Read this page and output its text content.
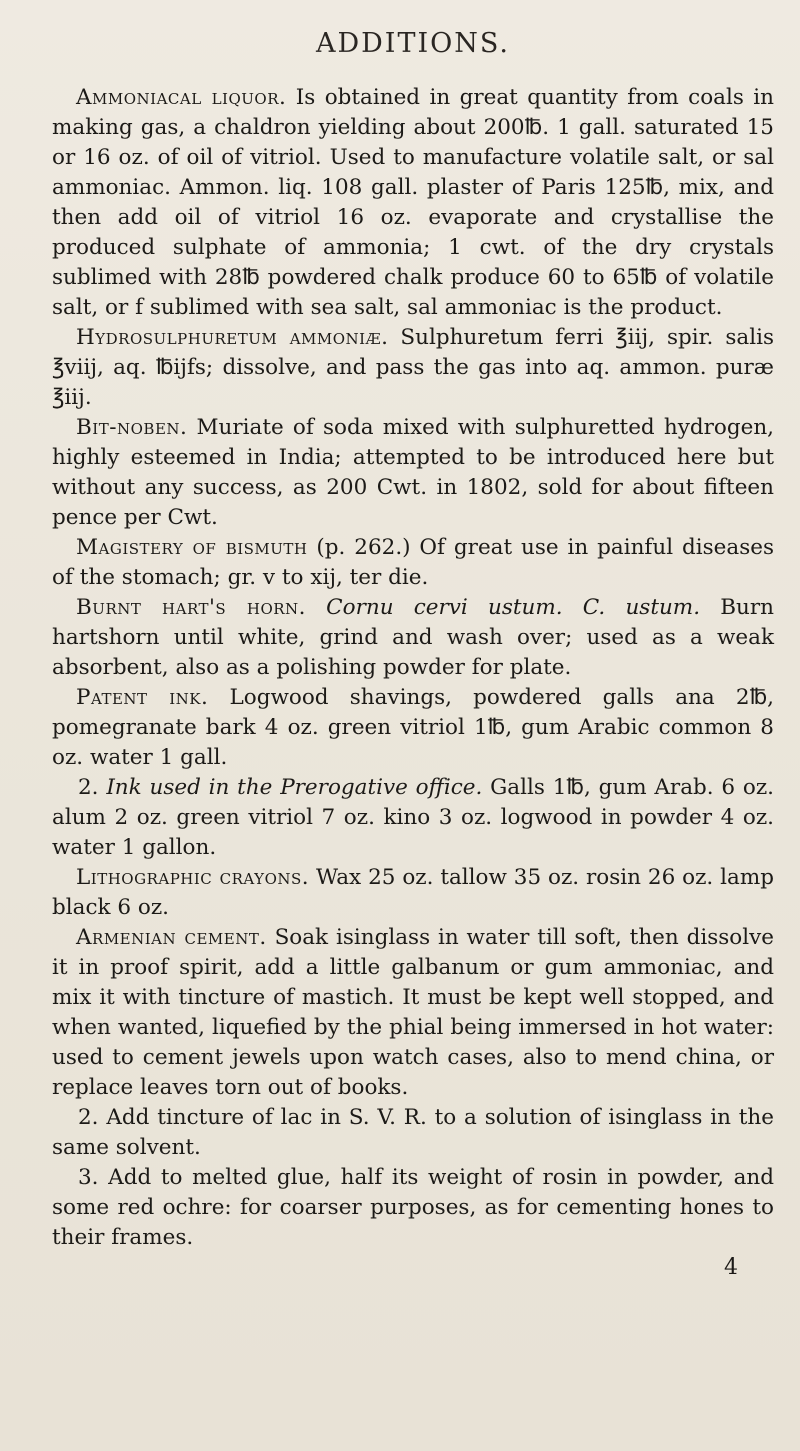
ADDITIONS.

Ammoniacal liquor. Is obtained in great quantity from coals in making gas, a chaldron yielding about 200℔. 1 gall. saturated 15 or 16 oz. of oil of vitriol. Used to manufacture volatile salt, or sal ammoniac. Ammon. liq. 108 gall. plaster of Paris 125℔, mix, and then add oil of vitriol 16 oz. evaporate and crystallise the produced sulphate of ammonia; 1 cwt. of the dry crystals sublimed with 28℔ powdered chalk produce 60 to 65℔ of volatile salt, or f sublimed with sea salt, sal ammoniac is the product.

Hydrosulphuretum ammoniæ. Sulphuretum ferri ℥iij, spir. salis ℥viij, aq. ℔ijfs; dissolve, and pass the gas into aq. ammon. puræ ℥iij.

Bit-noben. Muriate of soda mixed with sulphuretted hydrogen, highly esteemed in India; attempted to be introduced here but without any success, as 200 Cwt. in 1802, sold for about fifteen pence per Cwt.

Magistery of bismuth (p. 262.) Of great use in painful diseases of the stomach; gr. v to xij, ter die.

Burnt hart's horn. Cornu cervi ustum. C. ustum. Burn hartshorn until white, grind and wash over; used as a weak absorbent, also as a polishing powder for plate.

Patent ink. Logwood shavings, powdered galls ana 2℔, pomegranate bark 4 oz. green vitriol 1℔, gum Arabic common 8 oz. water 1 gall.

2. Ink used in the Prerogative office. Galls 1℔, gum Arab. 6 oz. alum 2 oz. green vitriol 7 oz. kino 3 oz. logwood in powder 4 oz. water 1 gallon.

Lithographic crayons. Wax 25 oz. tallow 35 oz. rosin 26 oz. lamp black 6 oz.

Armenian cement. Soak isinglass in water till soft, then dissolve it in proof spirit, add a little galbanum or gum ammoniac, and mix it with tincture of mastich. It must be kept well stopped, and when wanted, liquefied by the phial being immersed in hot water: used to cement jewels upon watch cases, also to mend china, or replace leaves torn out of books.

2. Add tincture of lac in S. V. R. to a solution of isinglass in the same solvent.

3. Add to melted glue, half its weight of rosin in powder, and some red ochre: for coarser purposes, as for cementing hones to their frames.

4
